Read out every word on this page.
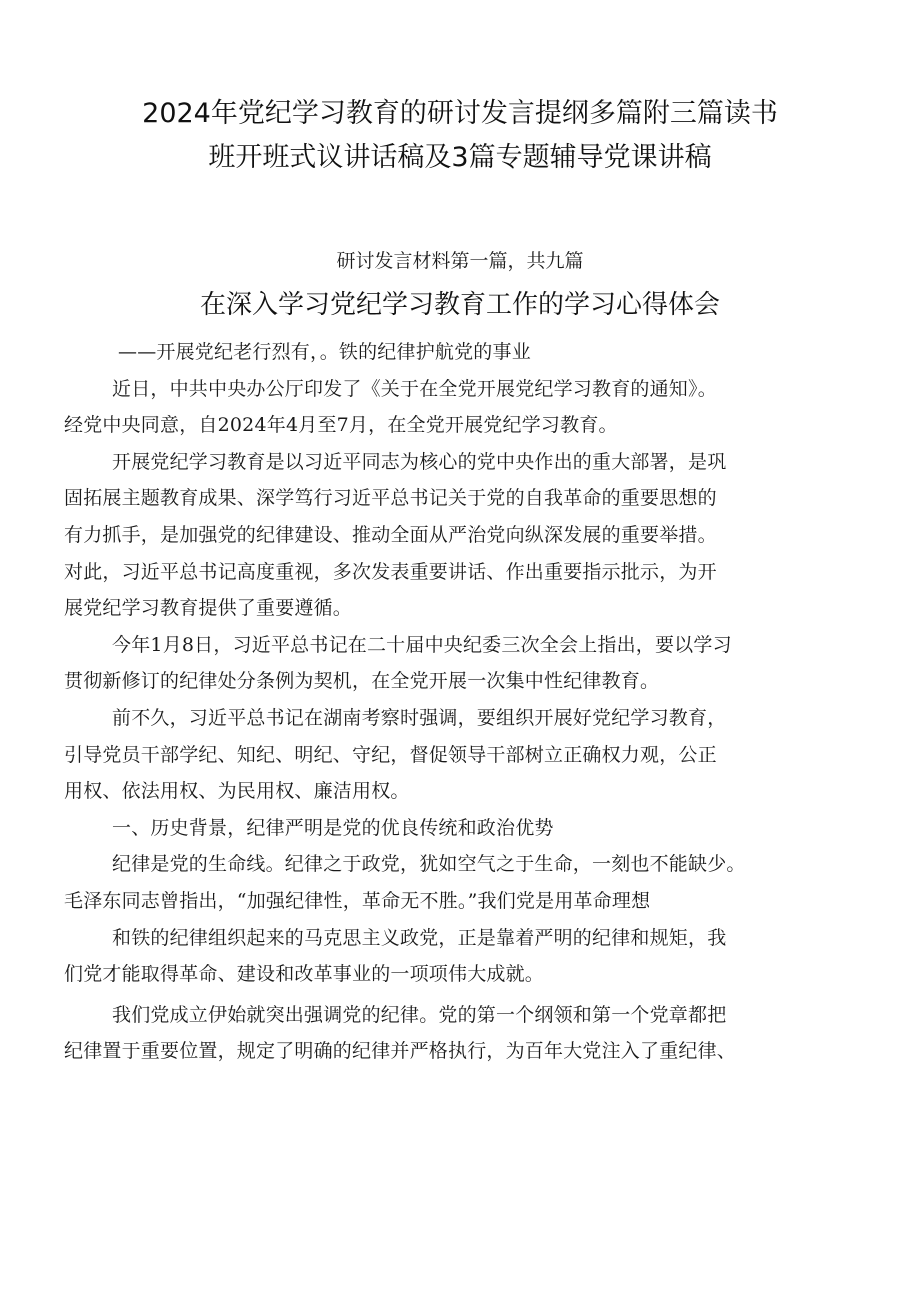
2024年党纪学习教育的研讨发言提纲多篇附三篇读书
班开班式议讲话稿及3篇专题辅导党课讲稿
研讨发言材料第一篇，共九篇
在深入学习党纪学习教育工作的学习心得体会

——开展党纪老行烈有，。铁的纪律护航党的事业

近日，中共中央办公厅印发了《关于在全党开展党纪学习教育的通知》。
经党中央同意，自2024年4月至7月，在全党开展党纪学习教育。

开展党纪学习教育是以习近平同志为核心的党中央作出的重大部署，是巩
固拓展主题教育成果、深学笃行习近平总书记关于党的自我革命的重要思想的
有力抓手，是加强党的纪律建设、推动全面从严治党向纵深发展的重要举措。
对此，习近平总书记高度重视，多次发表重要讲话、作出重要指示批示，为开
展党纪学习教育提供了重要遵循。

今年1月8日，习近平总书记在二十届中央纪委三次全会上指出，要以学习
贯彻新修订的纪律处分条例为契机，在全党开展一次集中性纪律教育。

前不久，习近平总书记在湖南考察时强调，要组织开展好党纪学习教育，
引导党员干部学纪、知纪、明纪、守纪，督促领导干部树立正确权力观，公正
用权、依法用权、为民用权、廉洁用权。

一、历史背景，纪律严明是党的优良传统和政治优势

纪律是党的生命线。纪律之于政党，犹如空气之于生命，一刻也不能缺少。
毛泽东同志曾指出，“加强纪律性，革命无不胜。”我们党是用革命理想

和铁的纪律组织起来的马克思主义政党，正是靠着严明的纪律和规矩，我
们党才能取得革命、建设和改革事业的一项项伟大成就。

我们党成立伊始就突出强调党的纪律。党的第一个纲领和第一个党章都把
纪律置于重要位置，规定了明确的纪律并严格执行，为百年大党注入了重纪律、
